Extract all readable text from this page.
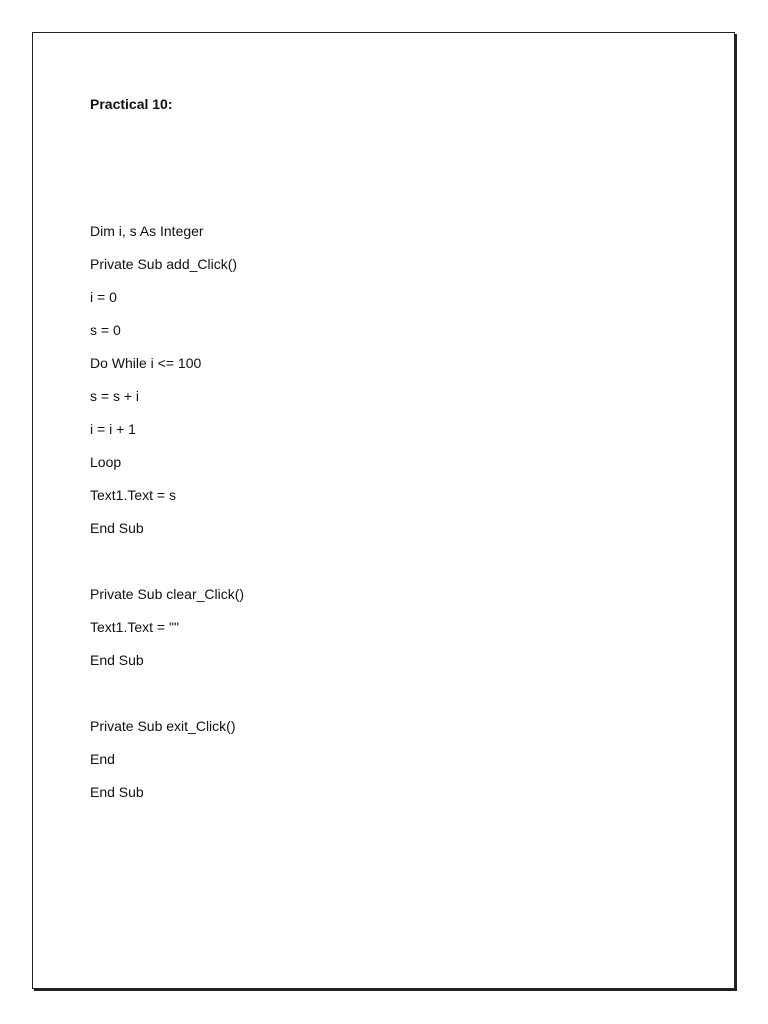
Practical 10:
Dim i, s As Integer
Private Sub add_Click()
i = 0
s = 0
Do While i <= 100
s = s + i
i = i + 1
Loop
Text1.Text = s
End Sub
Private Sub clear_Click()
Text1.Text = ""
End Sub
Private Sub exit_Click()
End
End Sub
